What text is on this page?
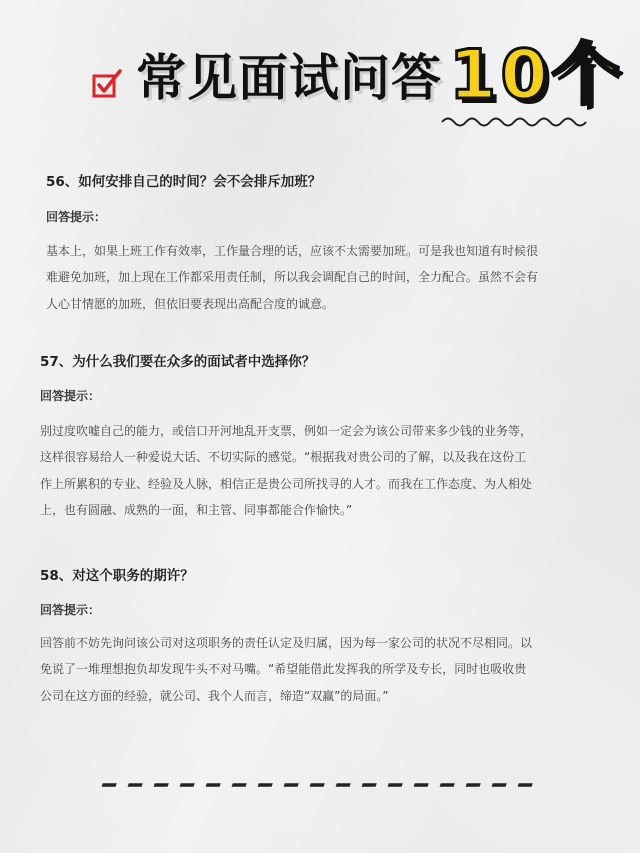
常见面试问答 10个

56、如何安排自己的时间？会不会排斥加班？

回答提示：

基本上，如果上班工作有效率，工作量合理的话，应该不太需要加班。可是我也知道有时候很

难避免加班，加上现在工作都采用责任制，所以我会调配自己的时间，全力配合。虽然不会有

人心甘情愿的加班，但依旧要表现出高配合度的诚意。

57、为什么我们要在众多的面试者中选择你？

回答提示：

别过度吹嘘自己的能力，或信口开河地乱开支票，例如一定会为该公司带来多少钱的业务等，

这样很容易给人一种爱说大话、不切实际的感觉。“根据我对贵公司的了解，以及我在这份工

作上所累积的专业、经验及人脉，相信正是贵公司所找寻的人才。而我在工作态度、为人相处

上，也有圆融、成熟的一面，和主管、同事都能合作愉快。”

58、对这个职务的期许？

回答提示：

回答前不妨先询问该公司对这项职务的责任认定及归属，因为每一家公司的状况不尽相同。以

免说了一堆理想抱负却发现牛头不对马嘴。“希望能借此发挥我的所学及专长，同时也吸收贵

公司在这方面的经验，就公司、我个人而言，缔造“双赢”的局面。”
